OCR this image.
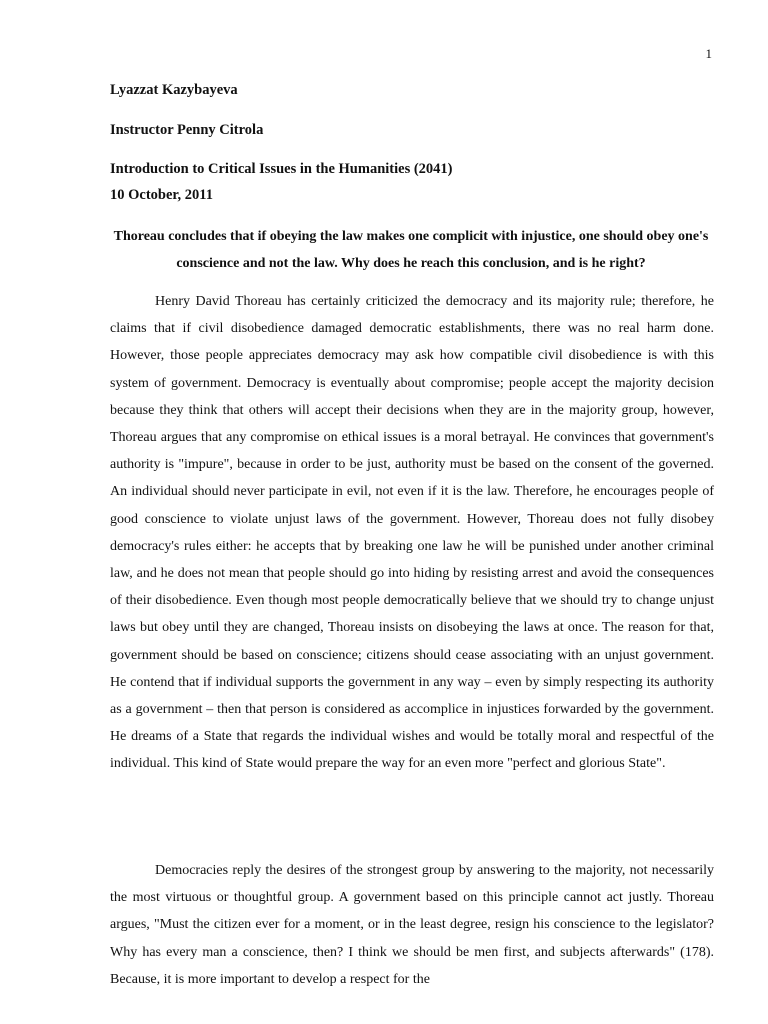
1
Lyazzat Kazybayeva
Instructor Penny Citrola
Introduction to Critical Issues in the Humanities (2041)
10 October, 2011
Thoreau concludes that if obeying the law makes one complicit with injustice, one should obey one's conscience and not the law. Why does he reach this conclusion, and is he right?

Henry David Thoreau has certainly criticized the democracy and its majority rule; therefore, he claims that if civil disobedience damaged democratic establishments, there was no real harm done. However, those people appreciates democracy may ask how compatible civil disobedience is with this system of government. Democracy is eventually about compromise; people accept the majority decision because they think that others will accept their decisions when they are in the majority group, however, Thoreau argues that any compromise on ethical issues is a moral betrayal. He convinces that government's authority is "impure", because in order to be just, authority must be based on the consent of the governed. An individual should never participate in evil, not even if it is the law. Therefore, he encourages people of good conscience to violate unjust laws of the government. However, Thoreau does not fully disobey democracy's rules either: he accepts that by breaking one law he will be punished under another criminal law, and he does not mean that people should go into hiding by resisting arrest and avoid the consequences of their disobedience. Even though most people democratically believe that we should try to change unjust laws but obey until they are changed, Thoreau insists on disobeying the laws at once. The reason for that, government should be based on conscience; citizens should cease associating with an unjust government. He contend that if individual supports the government in any way – even by simply respecting its authority as a government – then that person is considered as accomplice in injustices forwarded by the government. He dreams of a State that regards the individual wishes and would be totally moral and respectful of the individual. This kind of State would prepare the way for an even more "perfect and glorious State".

Democracies reply the desires of the strongest group by answering to the majority, not necessarily the most virtuous or thoughtful group. A government based on this principle cannot act justly. Thoreau argues, "Must the citizen ever for a moment, or in the least degree, resign his conscience to the legislator? Why has every man a conscience, then? I think we should be men first, and subjects afterwards" (178). Because, it is more important to develop a respect for the
